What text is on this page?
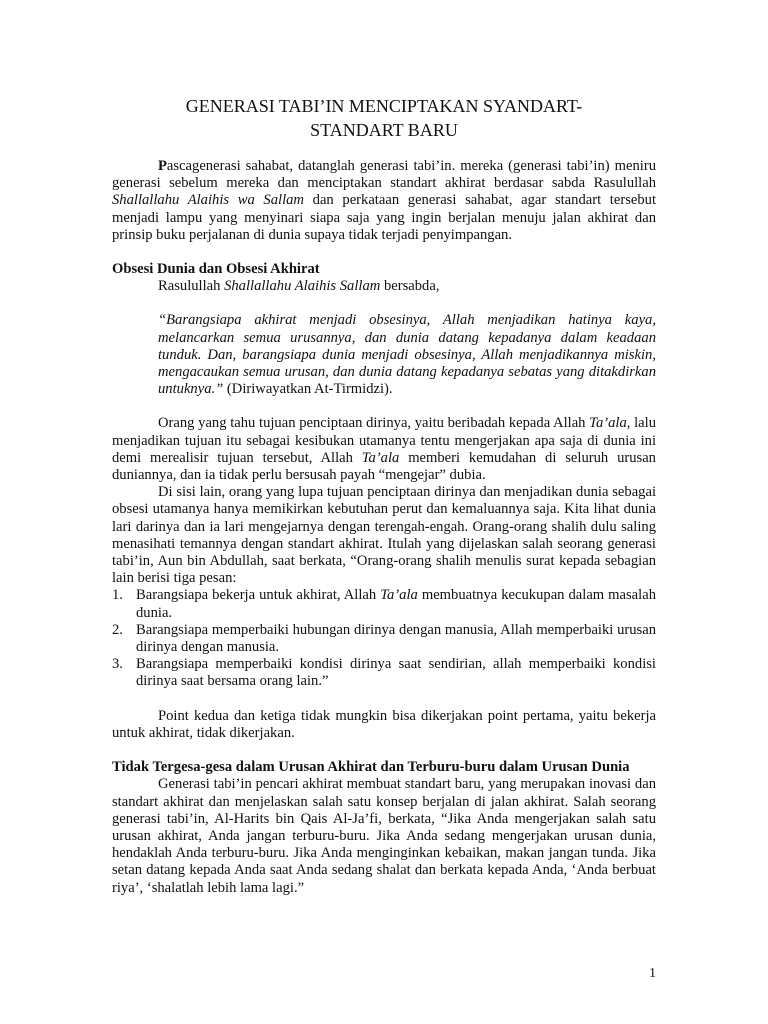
GENERASI TABI’IN MENCIPTAKAN SYANDART-
STANDART BARU

Pascagenerasi sahabat, datanglah generasi tabi’in. mereka (generasi tabi’in) meniru generasi sebelum mereka dan menciptakan standart akhirat berdasar sabda Rasulullah Shallallahu Alaihis wa Sallam dan perkataan generasi sahabat, agar standart tersebut menjadi lampu yang menyinari siapa saja yang ingin berjalan menuju jalan akhirat dan prinsip buku perjalanan di dunia supaya tidak terjadi penyimpangan.

Obsesi Dunia dan Obsesi Akhirat

Rasulullah Shallallahu Alaihis Sallam bersabda,

“Barangsiapa akhirat menjadi obsesinya, Allah menjadikan hatinya kaya, melancarkan semua urusannya, dan dunia datang kepadanya dalam keadaan tunduk. Dan, barangsiapa dunia menjadi obsesinya, Allah menjadikannya miskin, mengacaukan semua urusan, dan dunia datang kepadanya sebatas yang ditakdirkan untuknya.” (Diriwayatkan At-Tirmidzi).

Orang yang tahu tujuan penciptaan dirinya, yaitu beribadah kepada Allah Ta’ala, lalu menjadikan tujuan itu sebagai kesibukan utamanya tentu mengerjakan apa saja di dunia ini demi merealisir tujuan tersebut, Allah Ta’ala memberi kemudahan di seluruh urusan duniannya, dan ia tidak perlu bersusah payah “mengejar” dubia.

Di sisi lain, orang yang lupa tujuan penciptaan dirinya dan menjadikan dunia sebagai obsesi utamanya hanya memikirkan kebutuhan perut dan kemaluannya saja. Kita lihat dunia lari darinya dan ia lari mengejarnya dengan terengah-engah. Orang-orang shalih dulu saling menasihati temannya dengan standart akhirat. Itulah yang dijelaskan salah seorang generasi tabi’in, Aun bin Abdullah, saat berkata, “Orang-orang shalih menulis surat kepada sebagian lain berisi tiga pesan:

1. Barangsiapa bekerja untuk akhirat, Allah Ta’ala membuatnya kecukupan dalam masalah dunia.
2. Barangsiapa memperbaiki hubungan dirinya dengan manusia, Allah memperbaiki urusan dirinya dengan manusia.
3. Barangsiapa memperbaiki kondisi dirinya saat sendirian, allah memperbaiki kondisi dirinya saat bersama orang lain.”

Point kedua dan ketiga tidak mungkin bisa dikerjakan point pertama, yaitu bekerja untuk akhirat, tidak dikerjakan.

Tidak Tergesa-gesa dalam Urusan Akhirat dan Terburu-buru dalam Urusan Dunia

Generasi tabi’in pencari akhirat membuat standart baru, yang merupakan inovasi dan standart akhirat dan menjelaskan salah satu konsep berjalan di jalan akhirat. Salah seorang generasi tabi’in, Al-Harits bin Qais Al-Ja’fi, berkata, “Jika Anda mengerjakan salah satu urusan akhirat, Anda jangan terburu-buru. Jika Anda sedang mengerjakan urusan dunia, hendaklah Anda terburu-buru. Jika Anda menginginkan kebaikan, makan jangan tunda. Jika setan datang kepada Anda saat Anda sedang shalat dan berkata kepada Anda, ‘Anda berbuat riya’, ‘shalatlah lebih lama lagi.”

1
